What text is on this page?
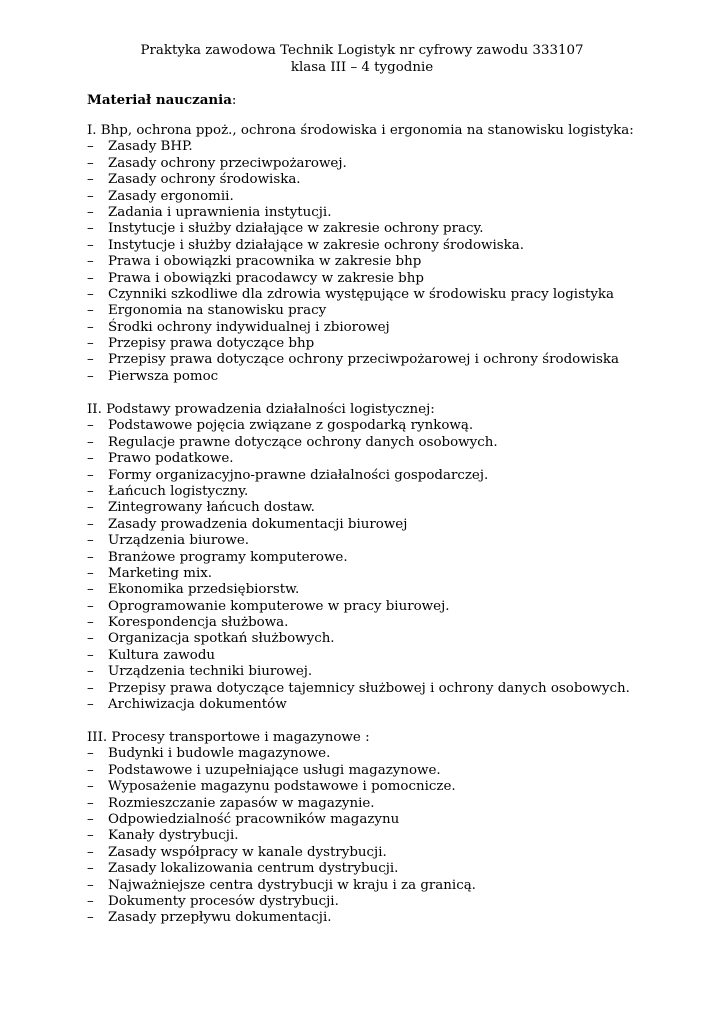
Praktyka zawodowa Technik Logistyk nr cyfrowy zawodu 333107
klasa III – 4 tygodnie
Materiał nauczania:
I. Bhp, ochrona ppoż., ochrona środowiska i ergonomia na stanowisku logistyka:
– Zasady BHP.
– Zasady ochrony przeciwpożarowej.
– Zasady ochrony środowiska.
– Zasady ergonomii.
– Zadania i uprawnienia instytucji.
– Instytucje i służby działające w zakresie ochrony pracy.
– Instytucje i służby działające w zakresie ochrony środowiska.
– Prawa i obowiązki pracownika w zakresie bhp
– Prawa i obowiązki pracodawcy w zakresie bhp
– Czynniki szkodliwe dla zdrowia występujące w środowisku pracy logistyka
– Ergonomia na stanowisku pracy
– Środki ochrony indywidualnej i zbiorowej
– Przepisy prawa dotyczące bhp
– Przepisy prawa dotyczące ochrony przeciwpożarowej i ochrony środowiska
– Pierwsza pomoc
II. Podstawy prowadzenia działalności logistycznej:
– Podstawowe pojęcia związane z gospodarką rynkową.
– Regulacje prawne dotyczące ochrony danych osobowych.
– Prawo podatkowe.
– Formy organizacyjno-prawne działalności gospodarczej.
– Łańcuch logistyczny.
– Zintegrowany łańcuch dostaw.
– Zasady prowadzenia dokumentacji biurowej
– Urządzenia biurowe.
– Branżowe programy komputerowe.
– Marketing mix.
– Ekonomika przedsiębiorstw.
– Oprogramowanie komputerowe w pracy biurowej.
– Korespondencja służbowa.
– Organizacja spotkań służbowych.
– Kultura zawodu
– Urządzenia techniki biurowej.
– Przepisy prawa dotyczące tajemnicy służbowej i ochrony danych osobowych.
– Archiwizacja dokumentów
III. Procesy transportowe i magazynowe :
– Budynki i budowle magazynowe.
– Podstawowe i uzupełniające usługi magazynowe.
– Wyposażenie magazynu podstawowe i pomocnicze.
– Rozmieszczanie zapasów w magazynie.
– Odpowiedzialność pracowników magazynu
– Kanały dystrybucji.
– Zasady współpracy w kanale dystrybucji.
– Zasady lokalizowania centrum dystrybucji.
– Najważniejsze centra dystrybucji w kraju i za granicą.
– Dokumenty procesów dystrybucji.
– Zasady przepływu dokumentacji.
